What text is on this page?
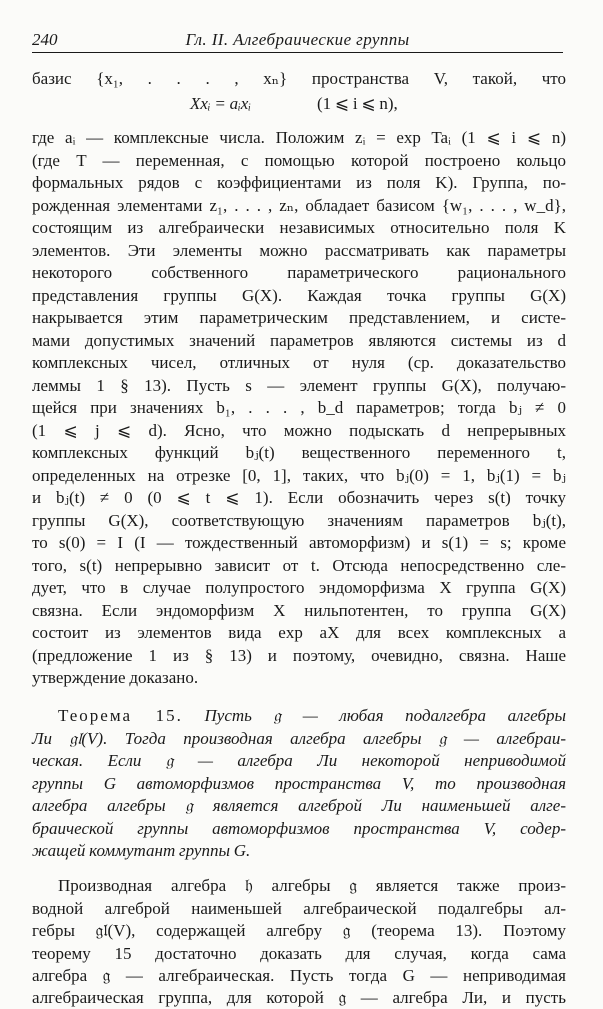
240	Гл. II. Алгебраические группы
базис {x₁, . . . , xₙ} пространства V, такой, что
Xxᵢ = aᵢxᵢ	(1 ⩽ i ⩽ n),
где aᵢ — комплексные числа. Положим zᵢ = exp Taᵢ (1 ⩽ i ⩽ n)
(где T — переменная, с помощью которой построено кольцо
формальных рядов с коэффициентами из поля K). Группа, по-
рожденная элементами z₁, . . . , zₙ, обладает базисом {w₁, . . . , w_d},
состоящим из алгебраически независимых относительно поля K
элементов. Эти элементы можно рассматривать как параметры
некоторого собственного параметрического рационального
представления группы G(X). Каждая точка группы G(X)
накрывается этим параметрическим представлением, и систе-
мами допустимых значений параметров являются системы из d
комплексных чисел, отличных от нуля (ср. доказательство
леммы 1 § 13). Пусть s — элемент группы G(X), получаю-
щейся при значениях b₁, . . . , b_d параметров; тогда bⱼ ≠ 0
(1 ⩽ j ⩽ d). Ясно, что можно подыскать d непрерывных
комплексных функций bⱼ(t) вещественного переменного t,
определенных на отрезке [0, 1], таких, что bⱼ(0) = 1, bⱼ(1) = bⱼ
и bⱼ(t) ≠ 0 (0 ⩽ t ⩽ 1). Если обозначить через s(t) точку
группы G(X), соответствующую значениям параметров bⱼ(t),
то s(0) = I (I — тождественный автоморфизм) и s(1) = s; кроме
того, s(t) непрерывно зависит от t. Отсюда непосредственно сле-
дует, что в случае полупростого эндоморфизма X группа G(X)
связна. Если эндоморфизм X нильпотентен, то группа G(X)
состоит из элементов вида exp aX для всех комплексных a
(предложение 1 из § 13) и поэтому, очевидно, связна. Наше
утверждение доказано.
Теорема 15. Пусть 𝔤 — любая подалгебра алгебры
Ли 𝔤𝔩(V). Тогда производная алгебра алгебры 𝔤 — алгебраи-
ческая. Если 𝔤 — алгебра Ли некоторой неприводимой
группы G автоморфизмов пространства V, то производная
алгебра алгебры 𝔤 является алгеброй Ли наименьшей алге-
браической группы автоморфизмов пространства V, содер-
жащей коммутант группы G.
Производная алгебра 𝔥 алгебры 𝔤 является также произ-
водной алгеброй наименьшей алгебраической подалгебры ал-
гебры 𝔤𝔩(V), содержащей алгебру 𝔤 (теорема 13). Поэтому
теорему 15 достаточно доказать для случая, когда сама
алгебра 𝔤 — алгебраическая. Пусть тогда G — неприводимая
алгебраическая группа, для которой 𝔤 — алгебра Ли, и пусть
